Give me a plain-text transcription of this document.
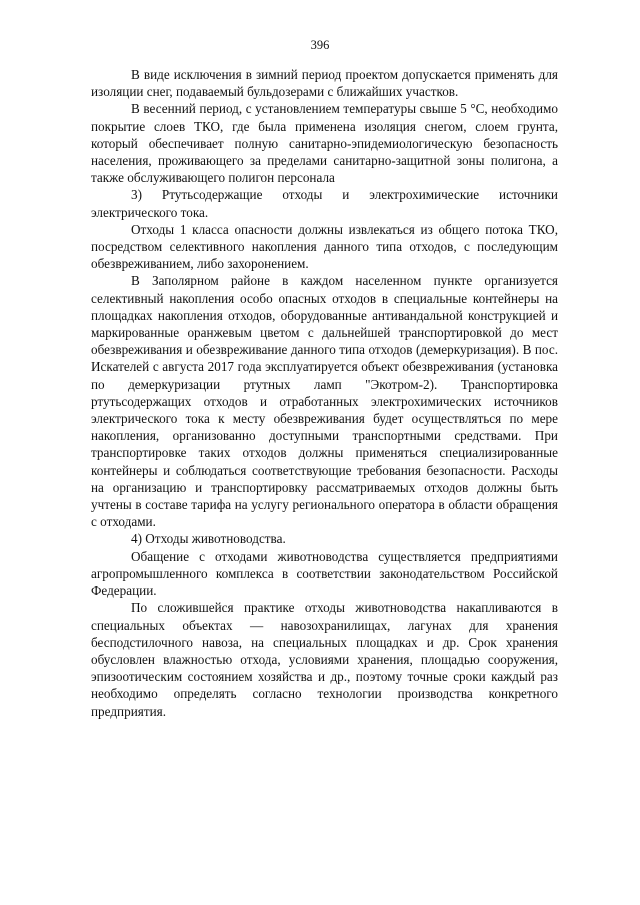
396

В виде исключения в зимний период проектом допускается применять для изоляции снег, подаваемый бульдозерами с ближайших участков.

В весенний период, с установлением температуры свыше 5 °С, необходимо покрытие слоев ТКО, где была применена изоляция снегом, слоем грунта, который обеспечивает полную санитарно-эпидемиологическую безопасность населения, проживающего за пределами санитарно-защитной зоны полигона, а также обслуживающего полигон персонала

3) Ртутьсодержащие отходы и электрохимические источники электрического тока.

Отходы 1 класса опасности должны извлекаться из общего потока ТКО, посредством селективного накопления данного типа отходов, с последующим обезвреживанием, либо захоронением.

В Заполярном районе в каждом населенном пункте организуется селективный накопления особо опасных отходов в специальные контейнеры на площадках накопления отходов, оборудованные антивандальной конструкцией и маркированные оранжевым цветом с дальнейшей транспортировкой до мест обезвреживания и обезвреживание данного типа отходов (демеркуризация). В пос. Искателей с августа 2017 года эксплуатируется объект обезвреживания (установка по демеркуризации ртутных ламп "Экотром-2). Транспортировка ртутьсодержащих отходов и отработанных электрохимических источников электрического тока к месту обезвреживания будет осуществляться по мере накопления, организованно доступными транспортными средствами. При транспортировке таких отходов должны применяться специализированные контейнеры и соблюдаться соответствующие требования безопасности. Расходы на организацию и транспортировку рассматриваемых отходов должны быть учтены в составе тарифа на услугу регионального оператора в области обращения с отходами.

4) Отходы животноводства.

Обащение с отходами животноводства существляется предприятиями агропромышленного комплекса в соответствии законодательством Российской Федерации.

По сложившейся практике отходы животноводства накапливаются в специальных объектах — навозохранилищах, лагунах для хранения бесподстилочного навоза, на специальных площадках и др. Срок хранения обусловлен влажностью отхода, условиями хранения, площадью сооружения, эпизоотическим состоянием хозяйства и др., поэтому точные сроки каждый раз необходимо определять согласно технологии производства конкретного предприятия.
